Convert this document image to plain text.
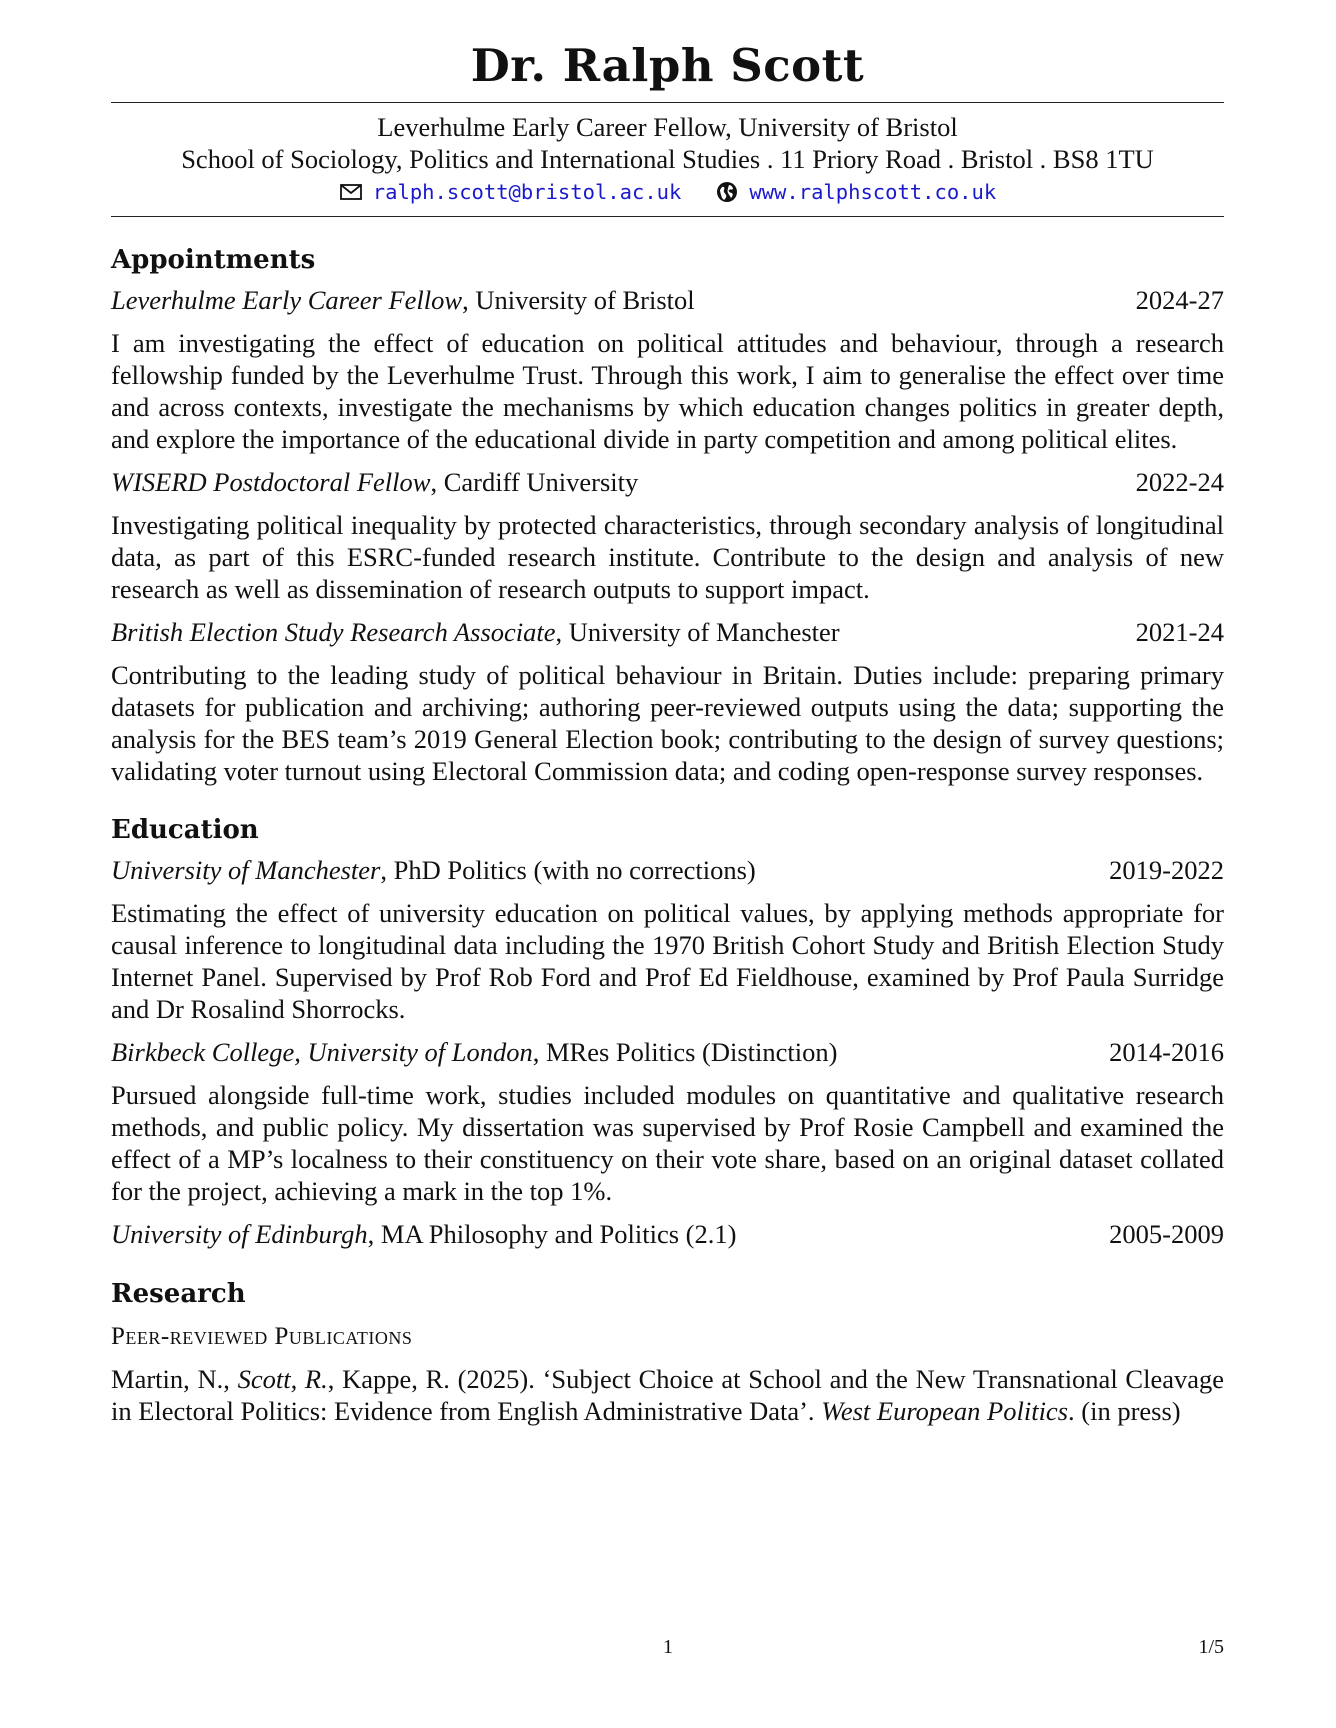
Dr. Ralph Scott
Leverhulme Early Career Fellow, University of Bristol
School of Sociology, Politics and International Studies . 11 Priory Road . Bristol . BS8 1TU
ralph.scott@bristol.ac.uk	www.ralphscott.co.uk
Appointments
Leverhulme Early Career Fellow, University of Bristol	2024-27

I am investigating the effect of education on political attitudes and behaviour, through a research fellowship funded by the Leverhulme Trust. Through this work, I aim to generalise the effect over time and across contexts, investigate the mechanisms by which education changes politics in greater depth, and explore the importance of the educational divide in party competition and among political elites.

WISERD Postdoctoral Fellow, Cardiff University	2022-24

Investigating political inequality by protected characteristics, through secondary analysis of longitudinal data, as part of this ESRC-funded research institute. Contribute to the design and analysis of new research as well as dissemination of research outputs to support impact.

British Election Study Research Associate, University of Manchester	2021-24

Contributing to the leading study of political behaviour in Britain. Duties include: preparing primary datasets for publication and archiving; authoring peer-reviewed outputs using the data; supporting the analysis for the BES team’s 2019 General Election book; contributing to the design of survey questions; validating voter turnout using Electoral Commission data; and coding open-response survey responses.

Education
University of Manchester, PhD Politics (with no corrections)	2019-2022

Estimating the effect of university education on political values, by applying methods appropriate for causal inference to longitudinal data including the 1970 British Cohort Study and British Election Study Internet Panel. Supervised by Prof Rob Ford and Prof Ed Fieldhouse, examined by Prof Paula Surridge and Dr Rosalind Shorrocks.

Birkbeck College, University of London, MRes Politics (Distinction)	2014-2016

Pursued alongside full-time work, studies included modules on quantitative and qualitative research methods, and public policy. My dissertation was supervised by Prof Rosie Campbell and examined the effect of a MP’s localness to their constituency on their vote share, based on an original dataset collated for the project, achieving a mark in the top 1%.

University of Edinburgh, MA Philosophy and Politics (2.1)	2005-2009
Research
Peer-reviewed Publications

Martin, N., Scott, R., Kappe, R. (2025). ‘Subject Choice at School and the New Transnational Cleavage in Electoral Politics: Evidence from English Administrative Data’. West European Politics. (in press)

1	1/5
